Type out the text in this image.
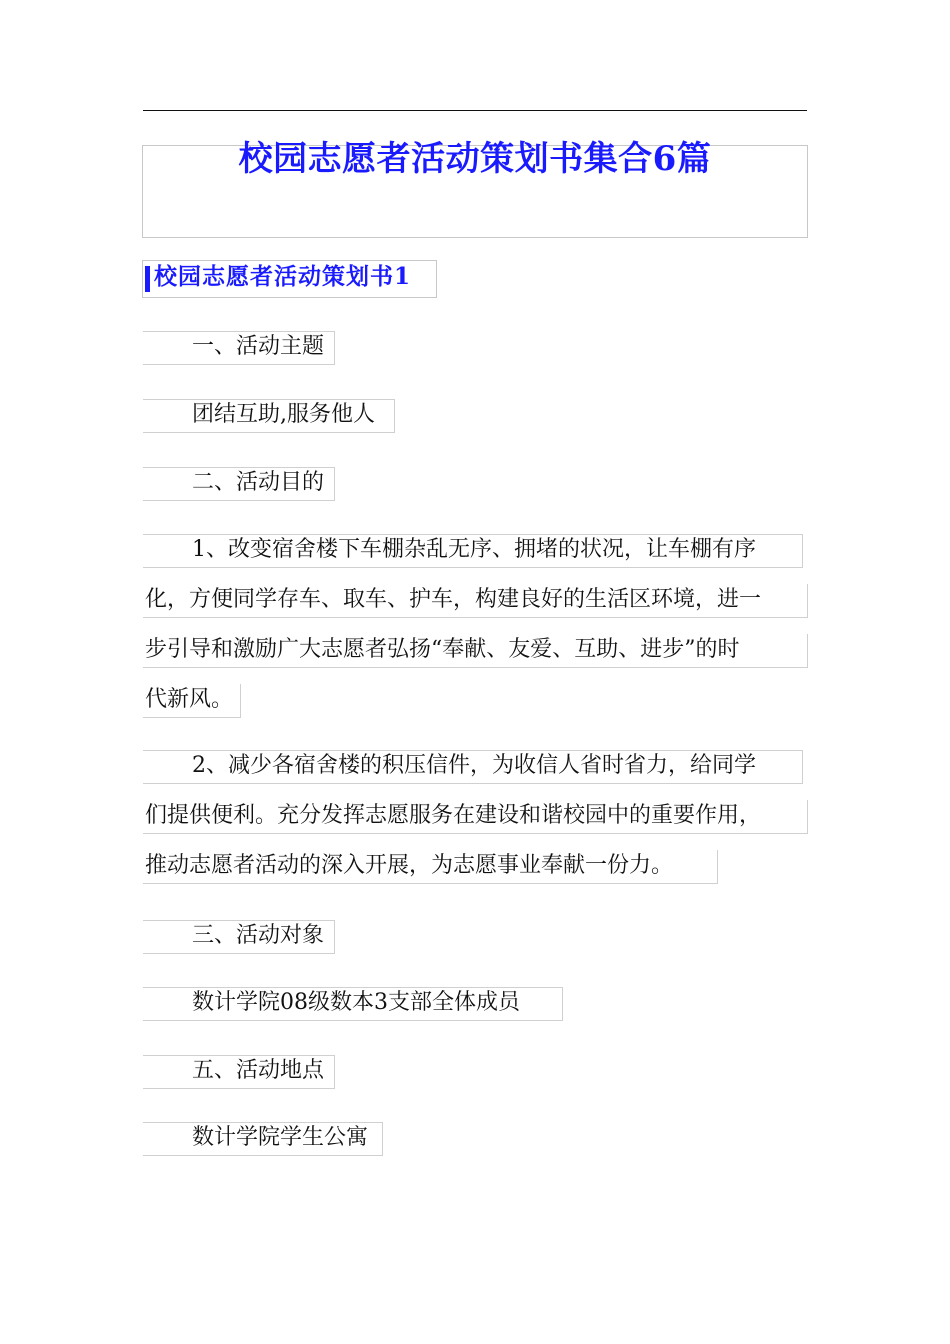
校园志愿者活动策划书集合6篇
校园志愿者活动策划书1
一、活动主题
团结互助,服务他人
二、活动目的
1、改变宿舍楼下车棚杂乱无序、拥堵的状况，让车棚有序
化，方便同学存车、取车、护车，构建良好的生活区环境，进一
步引导和激励广大志愿者弘扬“奉献、友爱、互助、进步”的时
代新风。
2、减少各宿舍楼的积压信件，为收信人省时省力，给同学
们提供便利。充分发挥志愿服务在建设和谐校园中的重要作用，
推动志愿者活动的深入开展，为志愿事业奉献一份力。
三、活动对象
数计学院08级数本3支部全体成员
五、活动地点
数计学院学生公寓
